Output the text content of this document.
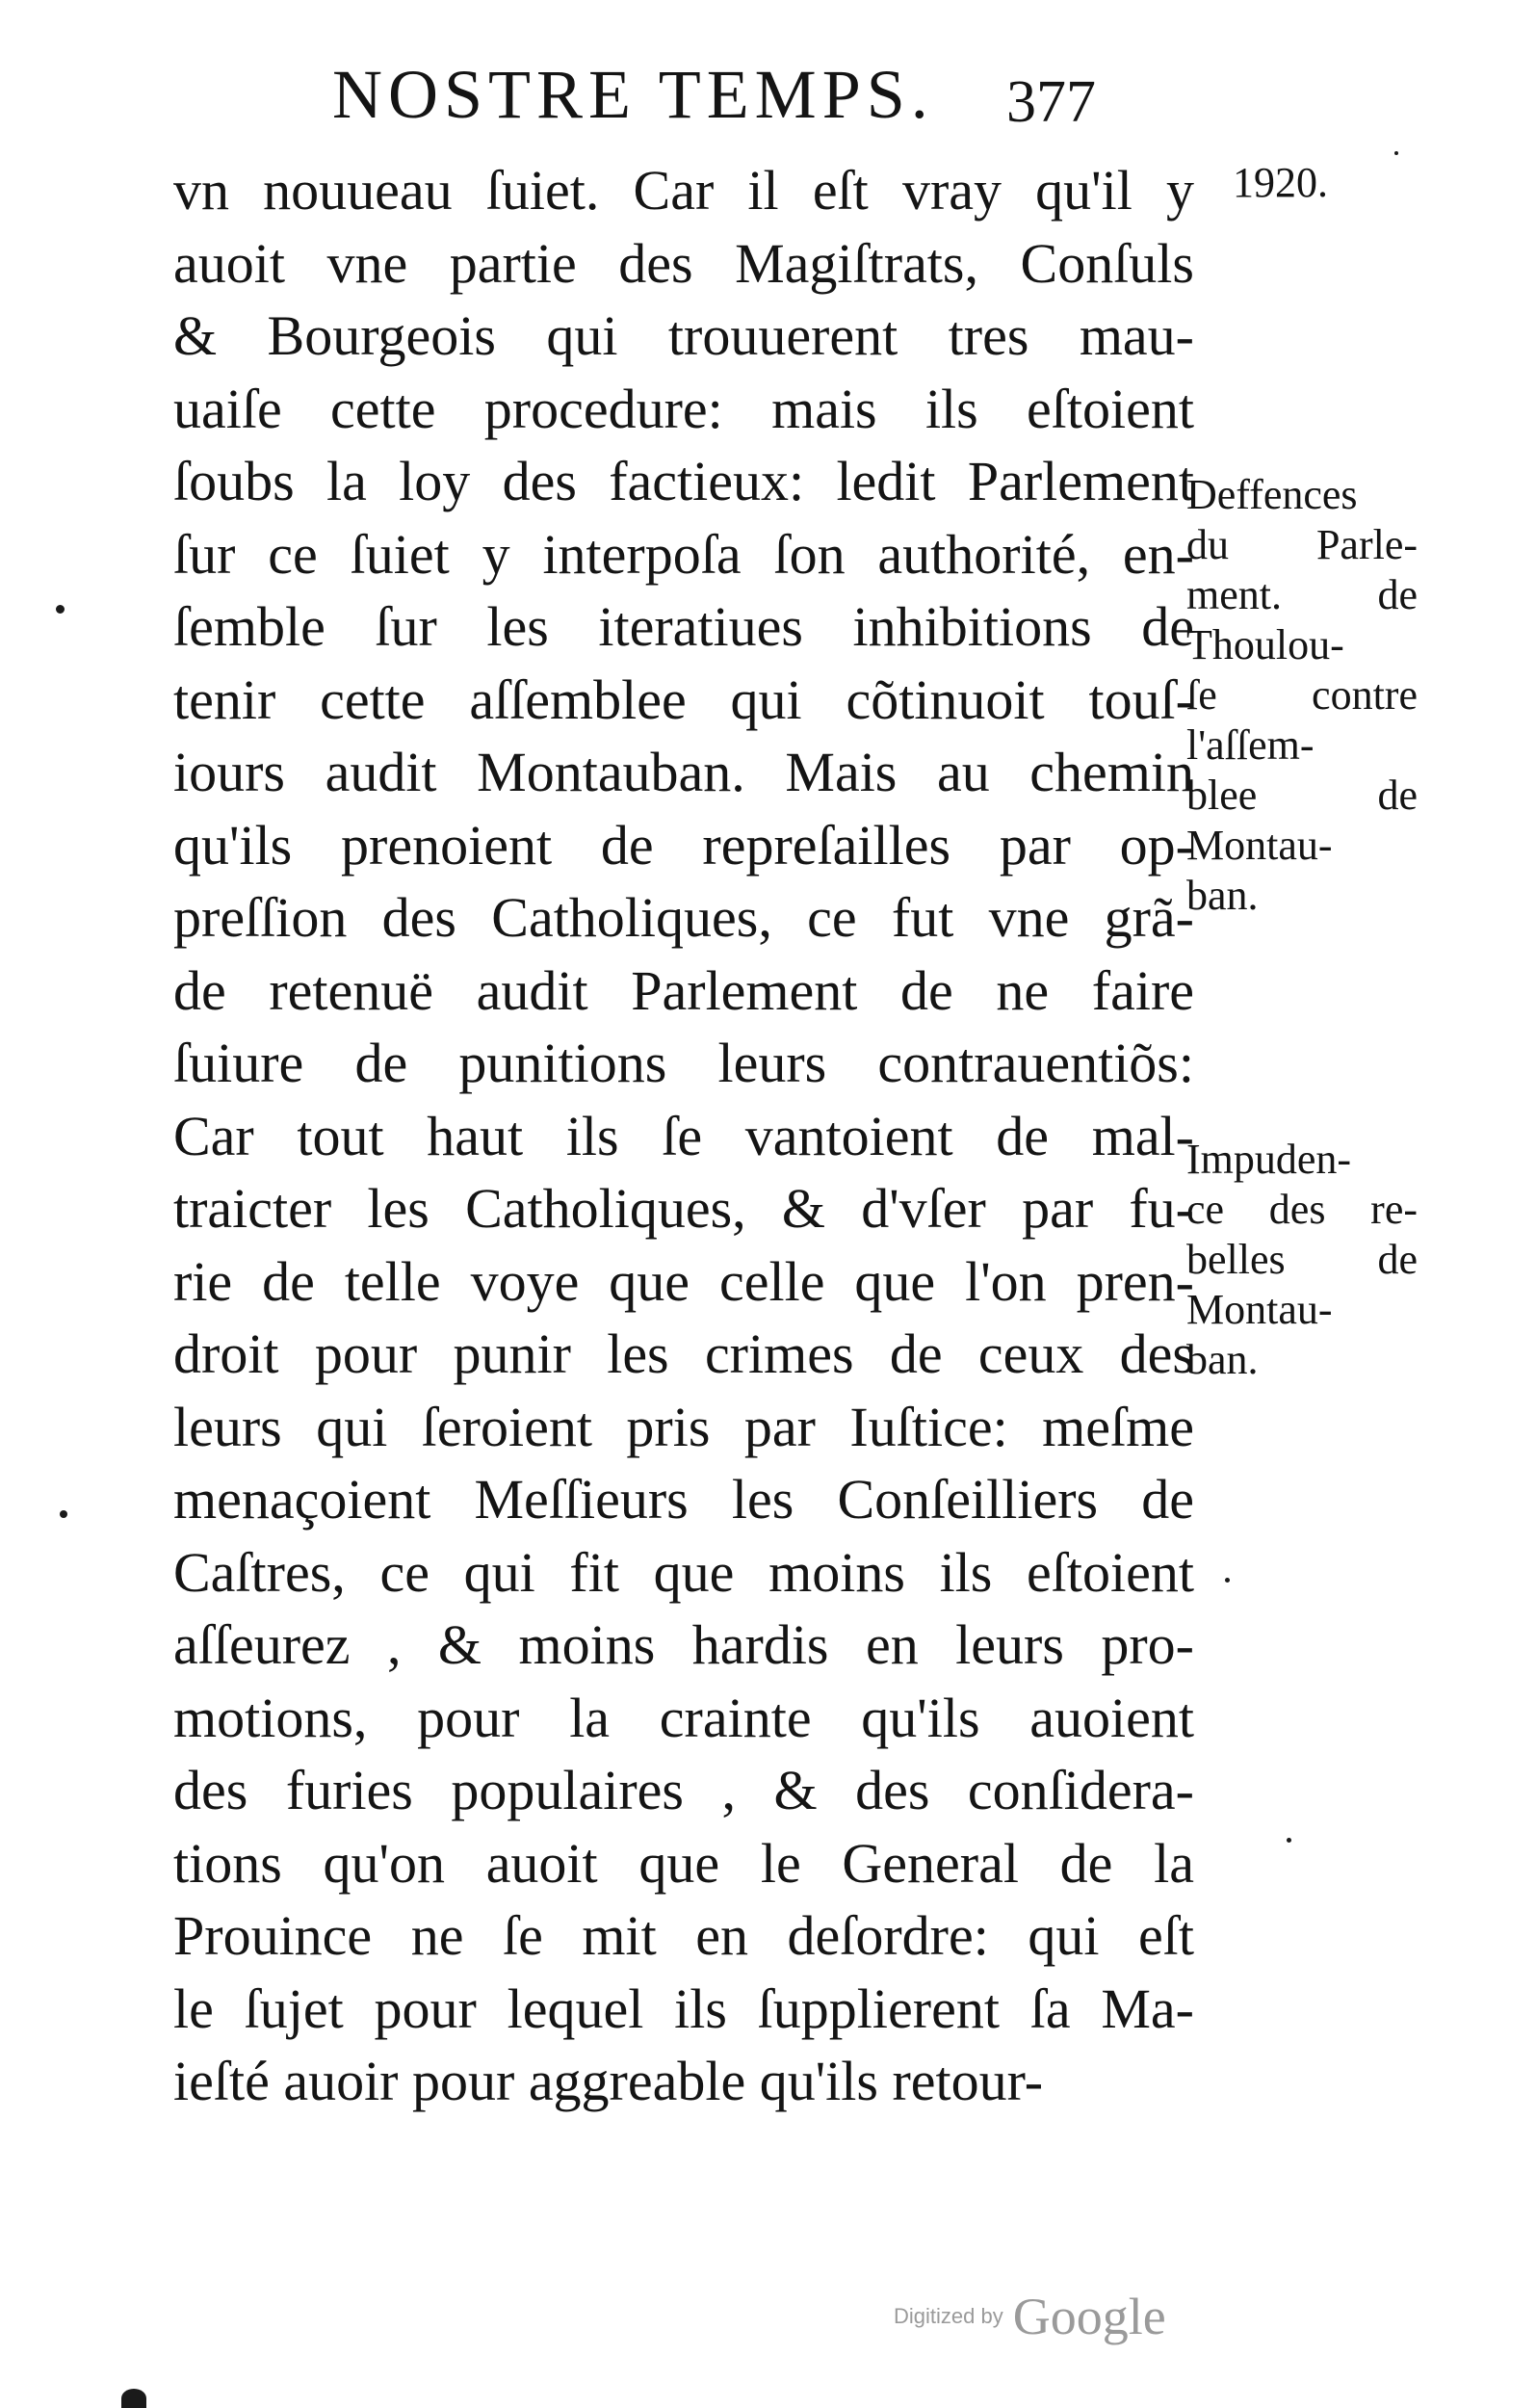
NOSTRE TEMPS. 377
1920.
vn nouueau ſuiet. Car il eſt vray qu'il y
auoit vne partie des Magiſtrats, Conſuls
& Bourgeois qui trouuerent tres mau-
uaiſe cette procedure: mais ils eſtoient
ſoubs la loy des factieux: ledit Parlement
ſur ce ſuiet y interpoſa ſon authorité, en-
ſemble ſur les iteratiues inhibitions de
tenir cette aſſemblee qui cõtinuoit touſ-
iours audit Montauban. Mais au chemin
qu'ils prenoient de repreſailles par op-
preſſion des Catholiques, ce fut vne grã-
de retenuë audit Parlement de ne faire
ſuiure de punitions leurs contrauentiõs:
Car tout haut ils ſe vantoient de mal-
traicter les Catholiques, & d'vſer par fu-
rie de telle voye que celle que l'on pren-
droit pour punir les crimes de ceux des
leurs qui ſeroient pris par Iuſtice: meſme
menaçoient Meſſieurs les Conſeilliers de
Caſtres, ce qui fit que moins ils eſtoient
aſſeurez , & moins hardis en leurs pro-
motions, pour la crainte qu'ils auoient
des furies populaires , & des conſidera-
tions qu'on auoit que le General de la
Prouince ne ſe mit en deſordre: qui eſt
le ſujet pour lequel ils ſupplierent ſa Ma-
ieſté auoir pour aggreable qu'ils retour-
Deffences
du Parle-
ment. de
Thoulou-
ſe contre
l'aſſem-
blee de
Montau-
ban.
Impuden-
ce des re-
belles de
Montau-
ban.
Digitized by Google
